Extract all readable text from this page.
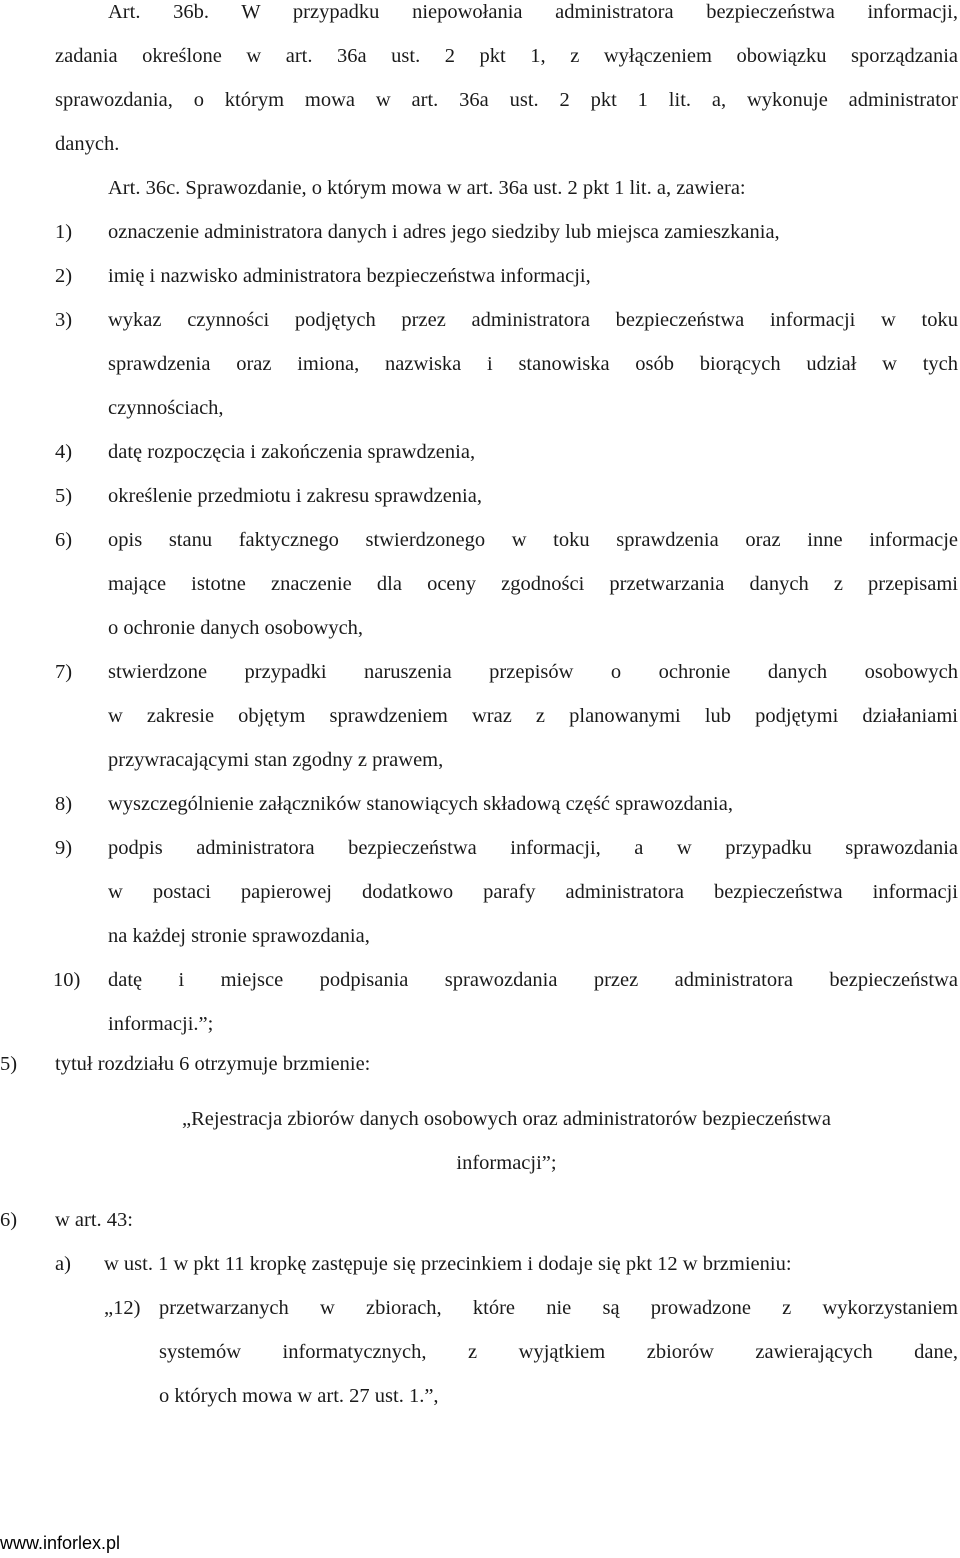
Art. 36b. W przypadku niepowołania administratora bezpieczeństwa informacji,
zadania określone w art. 36a ust. 2 pkt 1, z wyłączeniem obowiązku sporządzania
sprawozdania, o którym mowa w art. 36a ust. 2 pkt 1 lit. a, wykonuje administrator
danych.
Art. 36c. Sprawozdanie, o którym mowa w art. 36a ust. 2 pkt 1 lit. a, zawiera:
1) oznaczenie administratora danych i adres jego siedziby lub miejsca zamieszkania,
2) imię i nazwisko administratora bezpieczeństwa informacji,
3) wykaz czynności podjętych przez administratora bezpieczeństwa informacji w toku
sprawdzenia oraz imiona, nazwiska i stanowiska osób biorących udział w tych
czynnościach,
4) datę rozpoczęcia i zakończenia sprawdzenia,
5) określenie przedmiotu i zakresu sprawdzenia,
6) opis stanu faktycznego stwierdzonego w toku sprawdzenia oraz inne informacje
mające istotne znaczenie dla oceny zgodności przetwarzania danych z przepisami
o ochronie danych osobowych,
7) stwierdzone przypadki naruszenia przepisów o ochronie danych osobowych
w zakresie objętym sprawdzeniem wraz z planowanymi lub podjętymi działaniami
przywracającymi stan zgodny z prawem,
8) wyszczególnienie załączników stanowiących składową część sprawozdania,
9) podpis administratora bezpieczeństwa informacji, a w przypadku sprawozdania
w postaci papierowej dodatkowo parafy administratora bezpieczeństwa informacji
na każdej stronie sprawozdania,
10) datę i miejsce podpisania sprawozdania przez administratora bezpieczeństwa
informacji.”;
5) tytuł rozdziału 6 otrzymuje brzmienie:
„Rejestracja zbiorów danych osobowych oraz administratorów bezpieczeństwa
informacji”;
6) w art. 43:
a) w ust. 1 w pkt 11 kropkę zastępuje się przecinkiem i dodaje się pkt 12 w brzmieniu:
„12) przetwarzanych w zbiorach, które nie są prowadzone z wykorzystaniem
systemów informatycznych, z wyjątkiem zbiorów zawierających dane,
o których mowa w art. 27 ust. 1.”,
www.inforlex.pl
